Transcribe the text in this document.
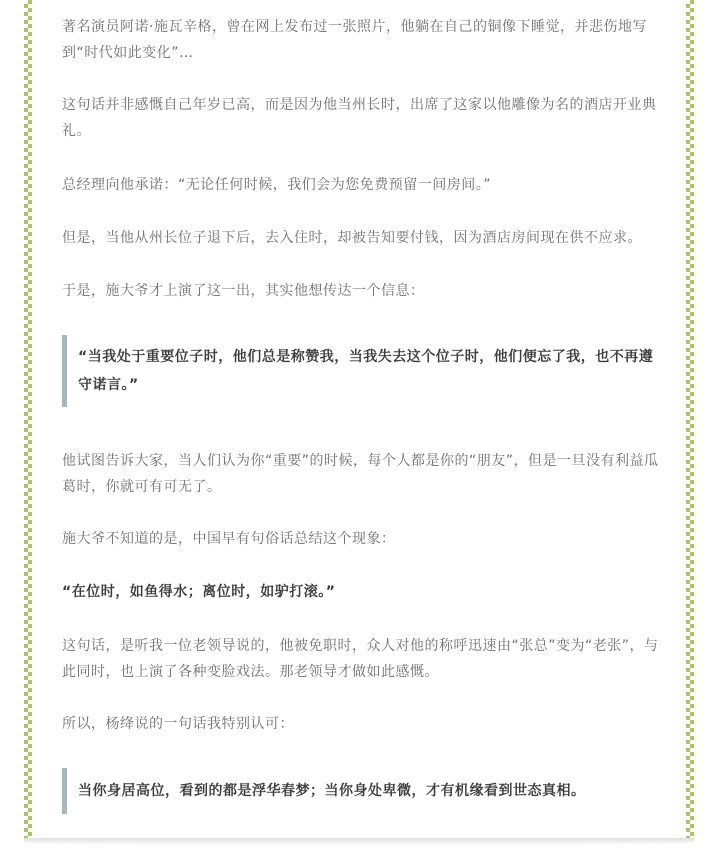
著名演员阿诺·施瓦辛格，曾在网上发布过一张照片，他躺在自己的铜像下睡觉，并悲伤地写到“时代如此变化”…

这句话并非感慨自己年岁已高，而是因为他当州长时，出席了这家以他雕像为名的酒店开业典礼。

总经理向他承诺：“无论任何时候，我们会为您免费预留一间房间。”

但是，当他从州长位子退下后，去入住时，却被告知要付钱，因为酒店房间现在供不应求。

于是，施大爷才上演了这一出，其实他想传达一个信息：

“当我处于重要位子时，他们总是称赞我，当我失去这个位子时，他们便忘了我，也不再遵守诺言。”

他试图告诉大家，当人们认为你“重要”的时候，每个人都是你的“朋友”，但是一旦没有利益瓜葛时，你就可有可无了。

施大爷不知道的是，中国早有句俗话总结这个现象：

“在位时，如鱼得水；离位时，如驴打滚。”

这句话，是听我一位老领导说的，他被免职时，众人对他的称呼迅速由“张总”变为“老张”，与此同时，也上演了各种变脸戏法。那老领导才做如此感慨。

所以，杨绛说的一句话我特别认可：

当你身居高位，看到的都是浮华春梦；当你身处卑微，才有机缘看到世态真相。
